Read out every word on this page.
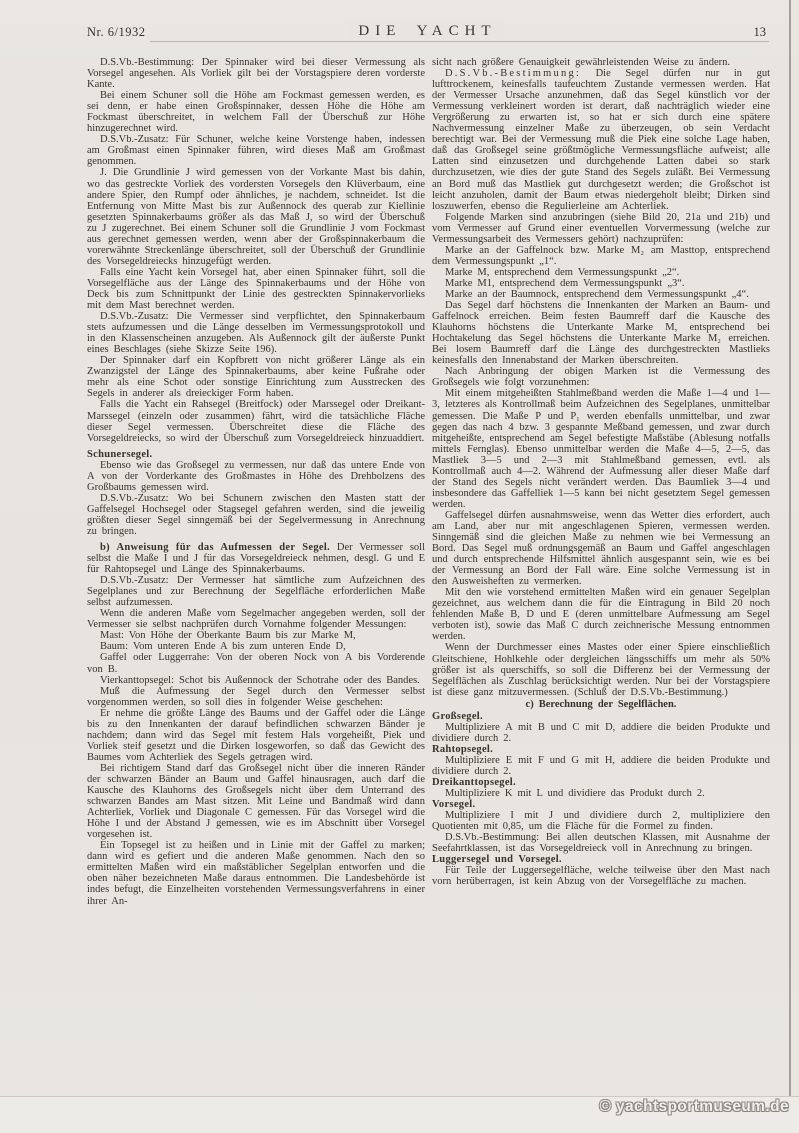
Nr. 6/1932	DIE YACHT	13

D.S.Vb.-Bestimmung: Der Spinnaker wird bei dieser Vermessung als Vorsegel angesehen. Als Vorliek gilt bei der Vorstagspiere deren vorderste Kante.

Bei einem Schuner soll die Höhe am Fockmast gemessen werden, es sei denn, er habe einen Großspinnaker, dessen Höhe die Höhe am Fockmast überschreitet, in welchem Fall der Überschuß zur Höhe hinzugerechnet wird.

D.S.Vb.-Zusatz: Für Schuner, welche keine Vorstenge haben, indessen am Großmast einen Spinnaker führen, wird dieses Maß am Großmast genommen.

J. Die Grundlinie J wird gemessen von der Vorkante Mast bis dahin, wo das gestreckte Vorliek des vordersten Vorsegels den Klüverbaum, eine andere Spier, den Rumpf oder ähnliches, je nachdem, schneidet. Ist die Entfernung von Mitte Mast bis zur Außennock des querab zur Kiellinie gesetzten Spinnakerbaums größer als das Maß J, so wird der Überschuß zu J zugerechnet. Bei einem Schuner soll die Grundlinie J vom Fockmast aus gerechnet gemessen werden, wenn aber der Großspinnakerbaum die vorerwähnte Streckenlänge überschreitet, soll der Überschuß der Grundlinie des Vorsegeldreiecks hinzugefügt werden.

Falls eine Yacht kein Vorsegel hat, aber einen Spinnaker führt, soll die Vorsegelfläche aus der Länge des Spinnakerbaums und der Höhe von Deck bis zum Schnittpunkt der Linie des gestreckten Spinnakervorlieks mit dem Mast berechnet werden.

D.S.Vb.-Zusatz: Die Vermesser sind verpflichtet, den Spinnakerbaum stets aufzumessen und die Länge desselben im Vermessungsprotokoll und in den Klassenscheinen anzugeben. Als Außennock gilt der äußerste Punkt eines Beschlages (siehe Skizze Seite 196).

Der Spinnaker darf ein Kopfbrett von nicht größerer Länge als ein Zwanzigstel der Länge des Spinnakerbaums, aber keine Fußrahe oder mehr als eine Schot oder sonstige Einrichtung zum Ausstrecken des Segels in anderer als dreieckiger Form haben.

Falls die Yacht ein Rahsegel (Breitfock) oder Marssegel oder Dreikant-Marssegel (einzeln oder zusammen) fährt, wird die tatsächliche Fläche dieser Segel vermessen. Überschreitet diese die Fläche des Vorsegeldreiecks, so wird der Überschuß zum Vorsegeldreieck hinzuaddiert.

Schunersegel.

Ebenso wie das Großsegel zu vermessen, nur daß das untere Ende von A von der Vorderkante des Großmastes in Höhe des Drehbolzens des Großbaums gemessen wird.

D.S.Vb.-Zusatz: Wo bei Schunern zwischen den Masten statt der Gaffelsegel Hochsegel oder Stagsegel gefahren werden, sind die jeweilig größten dieser Segel sinngemäß bei der Segelvermessung in Anrechnung zu bringen.

b) Anweisung für das Aufmessen der Segel. Der Vermesser soll selbst die Maße I und J für das Vorsegeldreieck nehmen, desgl. G und E für Rahtopsegel und Länge des Spinnakerbaums.

D.S.Vb.-Zusatz: Der Vermesser hat sämtliche zum Aufzeichnen des Segelplanes und zur Berechnung der Segelfläche erforderlichen Maße selbst aufzumessen.

Wenn die anderen Maße vom Segelmacher angegeben werden, soll der Vermesser sie selbst nachprüfen durch Vornahme folgender Messungen:

Mast: Von Höhe der Oberkante Baum bis zur Marke M,

Baum: Vom unteren Ende A bis zum unteren Ende D,

Gaffel oder Luggerrahe: Von der oberen Nock von A bis Vorderende von B.

Vierkanttopsegel: Schot bis Außennock der Schotrahe oder des Bandes.

Muß die Aufmessung der Segel durch den Vermesser selbst vorgenommen werden, so soll dies in folgender Weise geschehen:

Er nehme die größte Länge des Baums und der Gaffel oder die Länge bis zu den Innenkanten der darauf befindlichen schwarzen Bänder je nachdem; dann wird das Segel mit festem Hals vorgeheißt, Piek und Vorliek steif gesetzt und die Dirken losgeworfen, so daß das Gewicht des Baumes vom Achterliek des Segels getragen wird.

Bei richtigem Stand darf das Großsegel nicht über die inneren Ränder der schwarzen Bänder an Baum und Gaffel hinausragen, auch darf die Kausche des Klauhorns des Großsegels nicht über dem Unterrand des schwarzen Bandes am Mast sitzen. Mit Leine und Bandmaß wird dann Achterliek, Vorliek und Diagonale C gemessen. Für das Vorsegel wird die Höhe I und der Abstand J gemessen, wie es im Abschnitt über Vorsegel vorgesehen ist.

Ein Topsegel ist zu heißen und in Linie mit der Gaffel zu marken; dann wird es gefiert und die anderen Maße genommen. Nach den so ermittelten Maßen wird ein maßstäblicher Segelplan entworfen und die oben näher bezeichneten Maße daraus entnommen. Die Landesbehörde ist indes befugt, die Einzelheiten vorstehenden Vermessungsverfahrens in einer ihrer An-

sicht nach größere Genauigkeit gewährleistenden Weise zu ändern.

D.S.Vb.-Bestimmung: Die Segel dürfen nur in gut lufttrockenem, keinesfalls taufeuchtem Zustande vermessen werden. Hat der Vermesser Ursache anzunehmen, daß das Segel künstlich vor der Vermessung verkleinert worden ist derart, daß nachträglich wieder eine Vergrößerung zu erwarten ist, so hat er sich durch eine spätere Nachvermessung einzelner Maße zu überzeugen, ob sein Verdacht berechtigt war. Bei der Vermessung muß die Piek eine solche Lage haben, daß das Großsegel seine größtmögliche Vermessungsfläche aufweist; alle Latten sind einzusetzen und durchgehende Latten dabei so stark durchzusetzen, wie dies der gute Stand des Segels zuläßt. Bei Vermessung an Bord muß das Mastliek gut durchgesetzt werden; die Großschot ist leicht anzuholen, damit der Baum etwas niedergeholt bleibt; Dirken sind loszuwerfen, ebenso die Regulierleine am Achterliek.

Folgende Marken sind anzubringen (siehe Bild 20, 21a und 21b) und vom Vermesser auf Grund einer eventuellen Vorvermessung (welche zur Vermessungsarbeit des Vermessers gehört) nachzuprüfen:

Marke an der Gaffelnock bzw. Marke M₂ am Masttop, entsprechend dem Vermessungspunkt „1“.

Marke M, entsprechend dem Vermessungspunkt „2“.

Marke M1, entsprechend dem Vermessungspunkt „3“.

Marke an der Baumnock, entsprechend dem Vermessungspunkt „4“.

Das Segel darf höchstens die Innenkanten der Marken an Baum- und Gaffelnock erreichen. Beim festen Baumreff darf die Kausche des Klauhorns höchstens die Unterkante Marke M, entsprechend bei Hochtakelung das Segel höchstens die Unterkante Marke M₂ erreichen. Bei losem Baumreff darf die Länge des durchgestreckten Mastlieks keinesfalls den Innenabstand der Marken überschreiten.

Nach Anbringung der obigen Marken ist die Vermessung des Großsegels wie folgt vorzunehmen:

Mit einem mitgeheißten Stahlmeßband werden die Maße 1—4 und 1—3, letzteres als Kontrollmaß beim Aufzeichnen des Segelplanes, unmittelbar gemessen. Die Maße P und P₁ werden ebenfalls unmittelbar, und zwar gegen das nach 4 bzw. 3 gespannte Meßband gemessen, und zwar durch mitgeheißte, entsprechend am Segel befestigte Maßstäbe (Ablesung notfalls mittels Fernglas). Ebenso unmittelbar werden die Maße 4—5, 2—5, das Mastliek 3—5 und 2—3 mit Stahlmeßband gemessen, evtl. als Kontrollmaß auch 4—2. Während der Aufmessung aller dieser Maße darf der Stand des Segels nicht verändert werden. Das Baumliek 3—4 und insbesondere das Gaffelliek 1—5 kann bei nicht gesetztem Segel gemessen werden.

Gaffelsegel dürfen ausnahmsweise, wenn das Wetter dies erfordert, auch am Land, aber nur mit angeschlagenen Spieren, vermessen werden. Sinngemäß sind die gleichen Maße zu nehmen wie bei Vermessung an Bord. Das Segel muß ordnungsgemäß an Baum und Gaffel angeschlagen und durch entsprechende Hilfsmittel ähnlich ausgespannt sein, wie es bei der Vermessung an Bord der Fall wäre. Eine solche Vermessung ist in den Ausweisheften zu vermerken.

Mit den wie vorstehend ermittelten Maßen wird ein genauer Segelplan gezeichnet, aus welchem dann die für die Eintragung in Bild 20 noch fehlenden Maße B, D und E (deren unmittelbare Aufmessung am Segel verboten ist), sowie das Maß C durch zeichnerische Messung entnommen werden.

Wenn der Durchmesser eines Mastes oder einer Spiere einschließlich Gleitschiene, Hohlkehle oder dergleichen längsschiffs um mehr als 50% größer ist als querschiffs, so soll die Differenz bei der Vermessung der Segelflächen als Zuschlag berücksichtigt werden. Nur bei der Vorstagspiere ist diese ganz mitzuvermessen. (Schluß der D.S.Vb.-Bestimmung.)

c) Berechnung der Segelflächen.

Großsegel.

Multipliziere A mit B und C mit D, addiere die beiden Produkte und dividiere durch 2.

Rahtopsegel.

Multipliziere E mit F und G mit H, addiere die beiden Produkte und dividiere durch 2.

Dreikanttopsegel.

Multipliziere K mit L und dividiere das Produkt durch 2.

Vorsegel.

Multipliziere I mit J und dividiere durch 2, multipliziere den Quotienten mit 0,85, um die Fläche für die Formel zu finden.

D.S.Vb.-Bestimmung: Bei allen deutschen Klassen, mit Ausnahme der Seefahrtklassen, ist das Vorsegeldreieck voll in Anrechnung zu bringen.

Luggersegel und Vorsegel.

Für Teile der Luggersegelfläche, welche teilweise über den Mast nach vorn herüberragen, ist kein Abzug von der Vorsegelfläche zu machen.

© yachtsportmuseum.de
